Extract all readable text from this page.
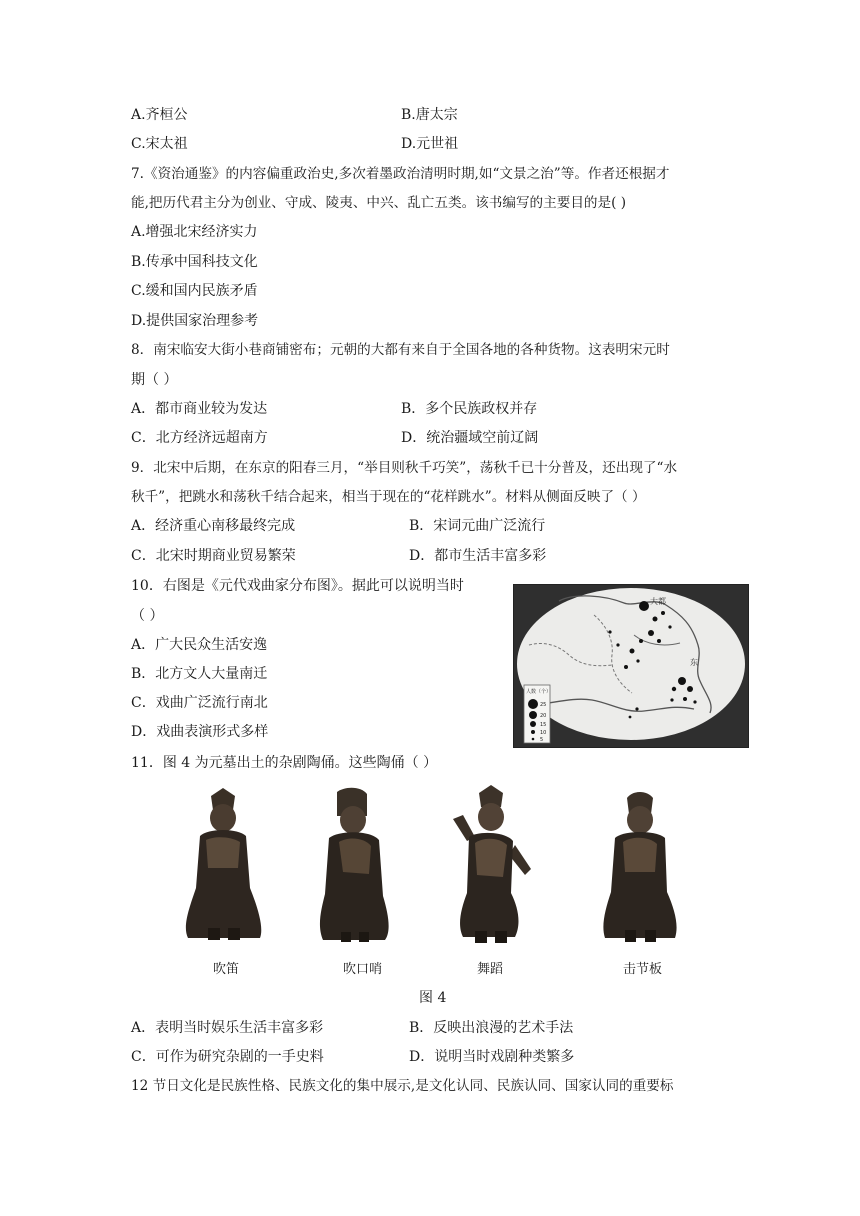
A.齐桓公	B.唐太宗
C.宋太祖	D.元世祖
7.《资治通鉴》的内容偏重政治史,多次着墨政治清明时期,如“文景之治”等。作者还根据才
能,把历代君主分为创业、守成、陵夷、中兴、乱亡五类。该书编写的主要目的是( )
A.增强北宋经济实力
B.传承中国科技文化
C.缓和国内民族矛盾
D.提供国家治理参考
8．南宋临安大街小巷商铺密布；元朝的大都有来自于全国各地的各种货物。这表明宋元时
期（ ）
A．都市商业较为发达	B．多个民族政权并存
C．北方经济远超南方	D．统治疆域空前辽阔
9．北宋中后期，在东京的阳春三月，“举目则秋千巧笑”，荡秋千已十分普及，还出现了“水
秋千”，把跳水和荡秋千结合起来，相当于现在的“花样跳水”。材料从侧面反映了（ ）
A．经济重心南移最终完成	B．宋词元曲广泛流行
C．北宋时期商业贸易繁荣	D．都市生活丰富多彩
10．右图是《元代戏曲家分布图》。据此可以说明当时
（ ）
A．广大民众生活安逸
B．北方文人大量南迁
C．戏曲广泛流行南北
D．戏曲表演形式多样
人数（个）
25
20
15
10
5
大都
东
11．图 4 为元墓出土的杂剧陶俑。这些陶俑（ ）
吹笛	吹口哨	舞蹈	击节板
图 4
A．表明当时娱乐生活丰富多彩	B．反映出浪漫的艺术手法
C．可作为研究杂剧的一手史料	D．说明当时戏剧种类繁多
12 节日文化是民族性格、民族文化的集中展示,是文化认同、民族认同、国家认同的重要标
